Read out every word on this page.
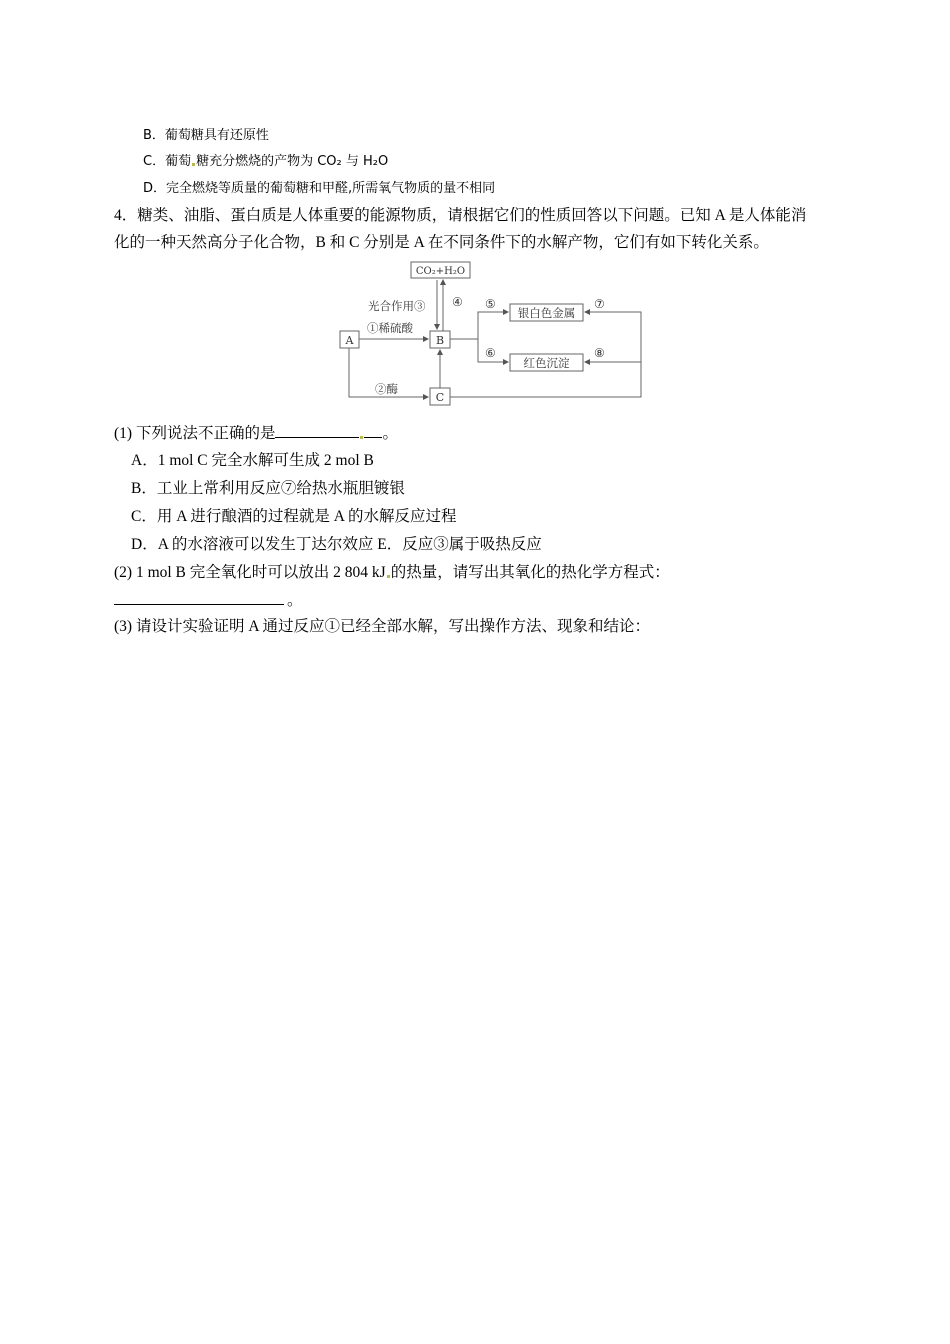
B．葡萄糖具有还原性
C．葡萄 糖充分燃烧的产物为 CO₂ 与 H₂O
D．完全燃烧等质量的葡萄糖和甲醛,所需氧气物质的量不相同
4．糖类、油脂、蛋白质是人体重要的能源物质，请根据它们的性质回答以下问题。已知 A 是人体能消
化的一种天然高分子化合物，B 和 C 分别是 A 在不同条件下的水解产物，它们有如下转化关系。
CO₂+H₂O
光合作用③ ④
①稀硫酸
②酶
A	B
C
⑤
⑥
⑦
⑧
银白色金属
红色沉淀
(1) 下列说法不正确的是	。
A．1 mol C 完全水解可生成 2 mol B
B．工业上常利用反应⑦给热水瓶胆镀银
C．用 A 进行酿酒的过程就是 A 的水解反应过程
D．A 的水溶液可以发生丁达尔效应 E．反应③属于吸热反应
(2) 1 mol B 完全氧化时可以放出 2 804 kJ 的热量，请写出其氧化的热化学方程式：
。
(3) 请设计实验证明 A 通过反应①已经全部水解，写出操作方法、现象和结论：
